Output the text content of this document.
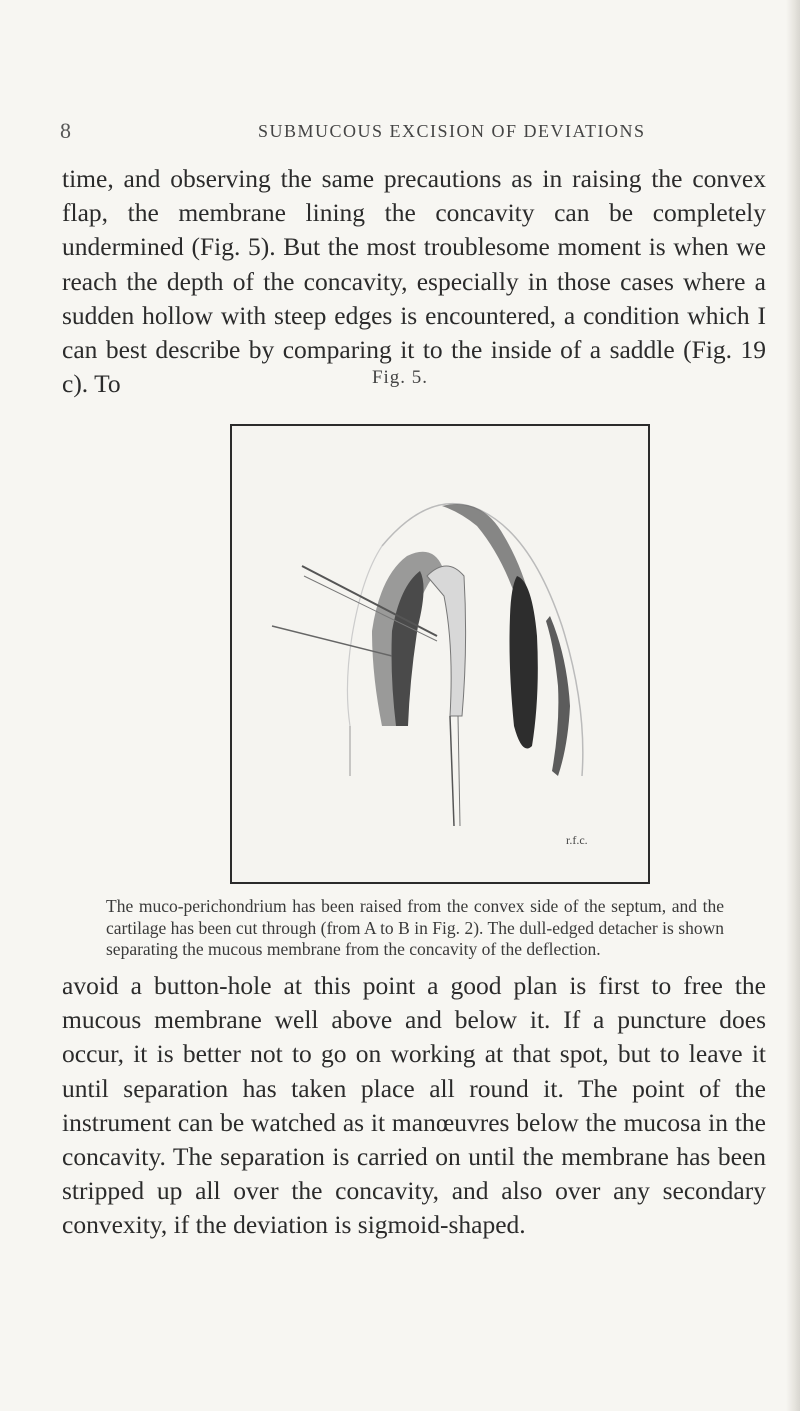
8	SUBMUCOUS EXCISION OF DEVIATIONS

time, and observing the same precautions as in raising the convex flap, the membrane lining the concavity can be completely undermined (Fig. 5). But the most troublesome moment is when we reach the depth of the concavity, especially in those cases where a sudden hollow with steep edges is encountered, a condition which I can best describe by comparing it to the inside of a saddle (Fig. 19 c). To	Fig. 5.
r.f.c.

The muco-perichondrium has been raised from the convex side of the septum, and the cartilage has been cut through (from A to B in Fig. 2). The dull-edged detacher is shown separating the mucous membrane from the concavity of the deflection.

avoid a button-hole at this point a good plan is first to free the mucous membrane well above and below it. If a puncture does occur, it is better not to go on working at that spot, but to leave it until separation has taken place all round it. The point of the instrument can be watched as it manœuvres below the mucosa in the concavity. The separation is carried on until the membrane has been stripped up all over the concavity, and also over any secondary convexity, if the deviation is sigmoid-shaped.
